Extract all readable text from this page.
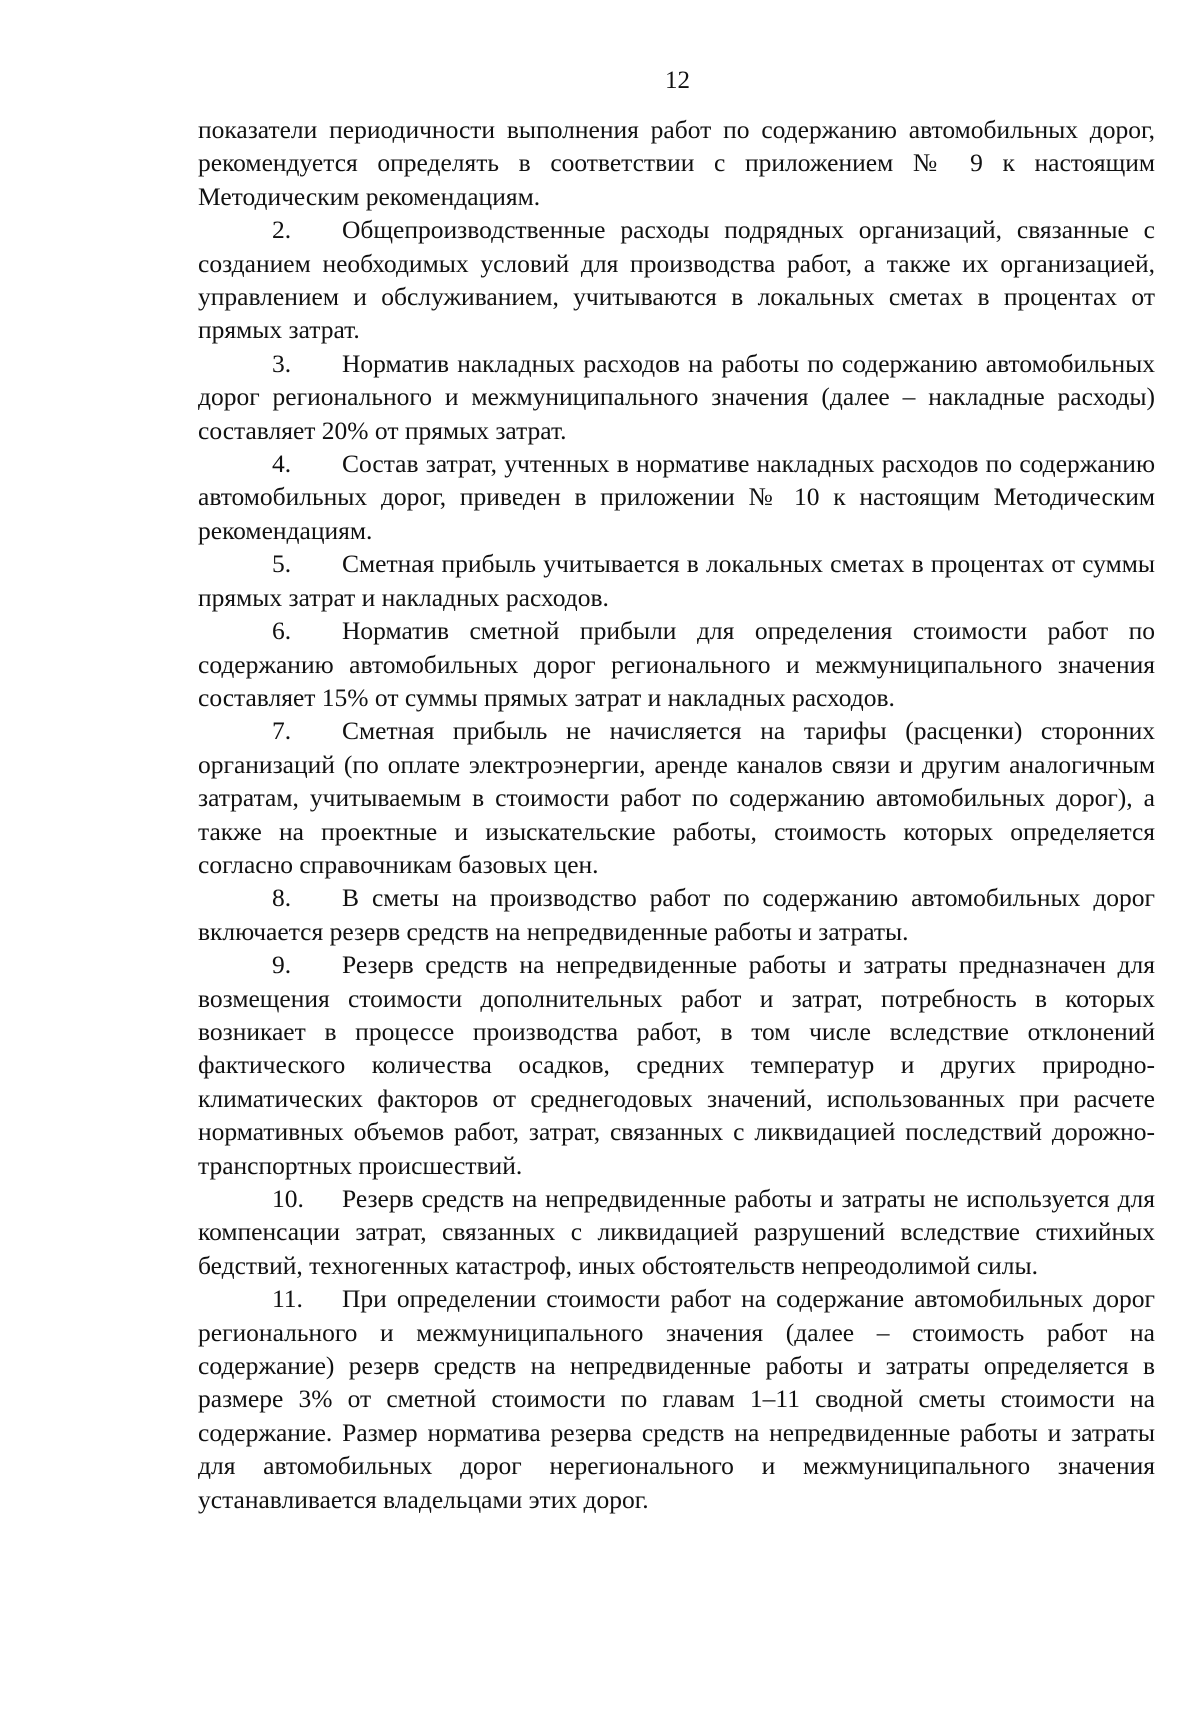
12

показатели периодичности выполнения работ по содержанию автомобильных дорог, рекомендуется определять в соответствии с приложением № 9 к настоящим Методическим рекомендациям.

2. Общепроизводственные расходы подрядных организаций, связанные с созданием необходимых условий для производства работ, а также их организацией, управлением и обслуживанием, учитываются в локальных сметах в процентах от прямых затрат.

3. Норматив накладных расходов на работы по содержанию автомобильных дорог регионального и межмуниципального значения (далее – накладные расходы) составляет 20% от прямых затрат.

4. Состав затрат, учтенных в нормативе накладных расходов по содержанию автомобильных дорог, приведен в приложении № 10 к настоящим Методическим рекомендациям.

5. Сметная прибыль учитывается в локальных сметах в процентах от суммы прямых затрат и накладных расходов.

6. Норматив сметной прибыли для определения стоимости работ по содержанию автомобильных дорог регионального и межмуниципального значения составляет 15% от суммы прямых затрат и накладных расходов.

7. Сметная прибыль не начисляется на тарифы (расценки) сторонних организаций (по оплате электроэнергии, аренде каналов связи и другим аналогичным затратам, учитываемым в стоимости работ по содержанию автомобильных дорог), а также на проектные и изыскательские работы, стоимость которых определяется согласно справочникам базовых цен.

8. В сметы на производство работ по содержанию автомобильных дорог включается резерв средств на непредвиденные работы и затраты.

9. Резерв средств на непредвиденные работы и затраты предназначен для возмещения стоимости дополнительных работ и затрат, потребность в которых возникает в процессе производства работ, в том числе вследствие отклонений фактического количества осадков, средних температур и других природно-климатических факторов от среднегодовых значений, использованных при расчете нормативных объемов работ, затрат, связанных с ликвидацией последствий дорожно-транспортных происшествий.

10. Резерв средств на непредвиденные работы и затраты не используется для компенсации затрат, связанных с ликвидацией разрушений вследствие стихийных бедствий, техногенных катастроф, иных обстоятельств непреодолимой силы.

11. При определении стоимости работ на содержание автомобильных дорог регионального и межмуниципального значения (далее – стоимость работ на содержание) резерв средств на непредвиденные работы и затраты определяется в размере 3% от сметной стоимости по главам 1–11 сводной сметы стоимости на содержание. Размер норматива резерва средств на непредвиденные работы и затраты для автомобильных дорог нерегионального и межмуниципального значения устанавливается владельцами этих дорог.
